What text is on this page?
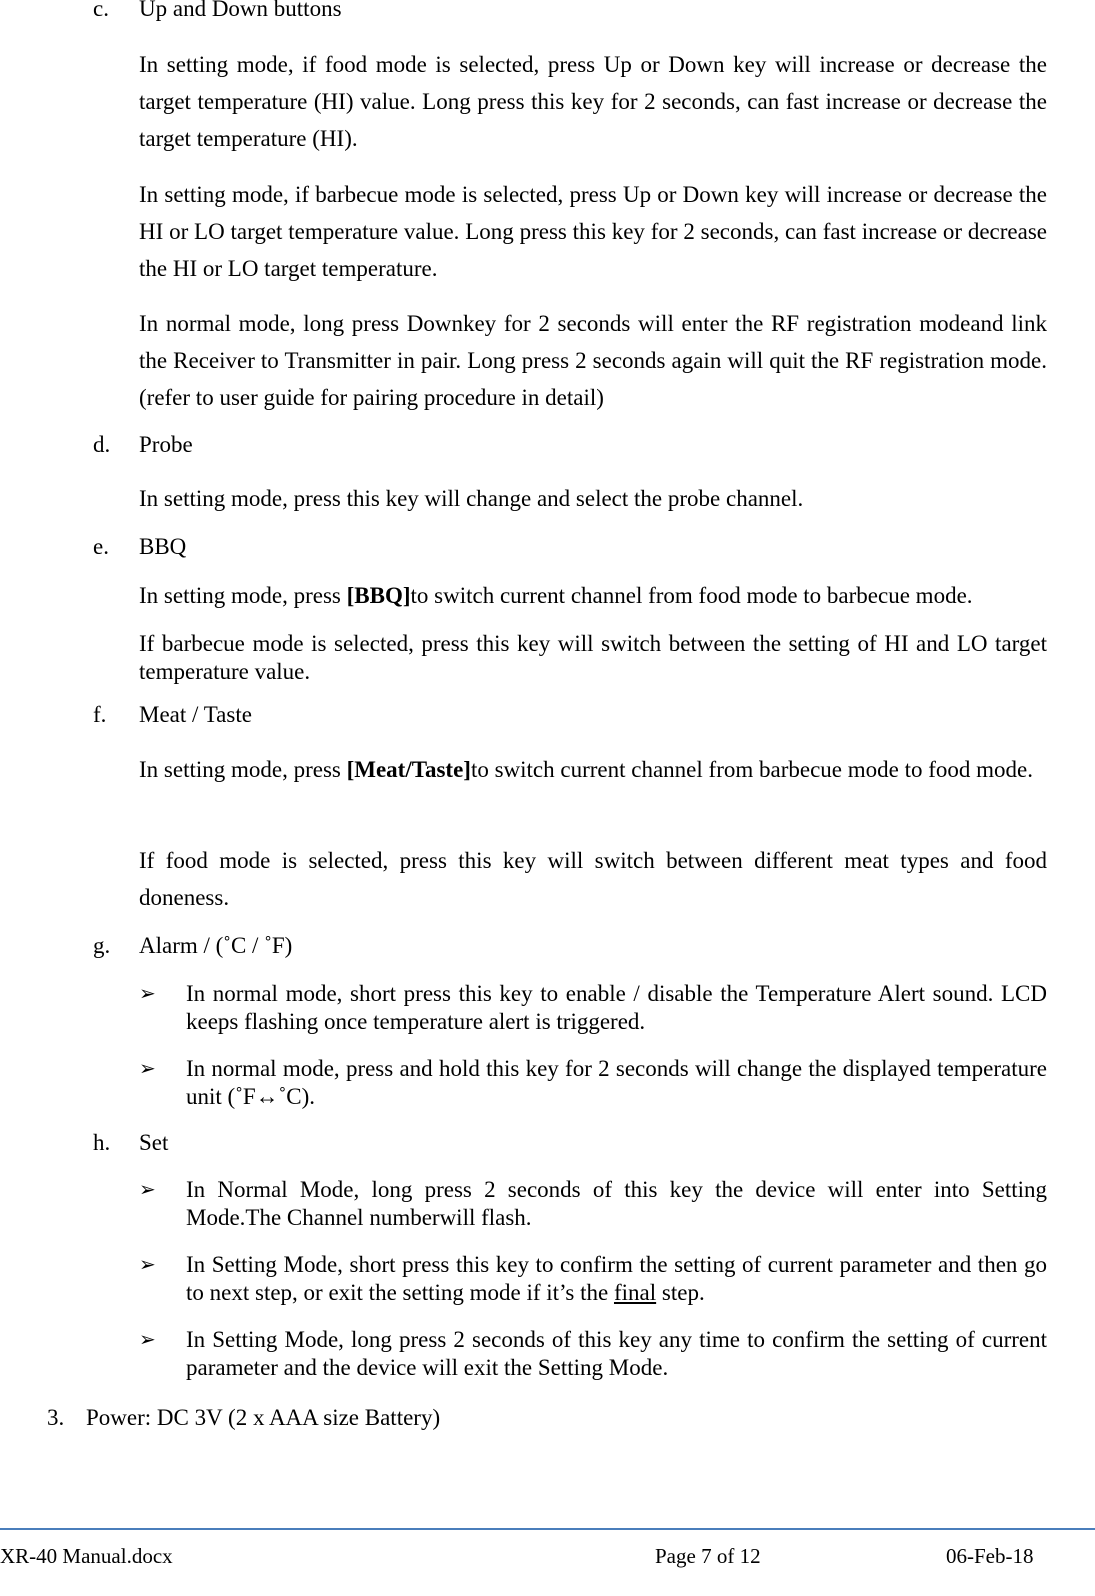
c. Up and Down buttons
In setting mode, if food mode is selected, press Up or Down key will increase or decrease the target temperature (HI) value. Long press this key for 2 seconds, can fast increase or decrease the target temperature (HI).
In setting mode, if barbecue mode is selected, press Up or Down key will increase or decrease the HI or LO target temperature value. Long press this key for 2 seconds, can fast increase or decrease the HI or LO target temperature.
In normal mode, long press Downkey for 2 seconds will enter the RF registration modeand link the Receiver to Transmitter in pair. Long press 2 seconds again will quit the RF registration mode. (refer to user guide for pairing procedure in detail)
d. Probe
In setting mode, press this key will change and select the probe channel.
e. BBQ
In setting mode, press [BBQ]to switch current channel from food mode to barbecue mode.
If barbecue mode is selected, press this key will switch between the setting of HI and LO target temperature value.
f. Meat / Taste
In setting mode, press [Meat/Taste]to switch current channel from barbecue mode to food mode.
If food mode is selected, press this key will switch between different meat types and food doneness.
g. Alarm / (˚C / ˚F)
➢ In normal mode, short press this key to enable / disable the Temperature Alert sound. LCD keeps flashing once temperature alert is triggered.
➢ In normal mode, press and hold this key for 2 seconds will change the displayed temperature unit (˚F↔˚C).
h. Set
➢ In Normal Mode, long press 2 seconds of this key the device will enter into Setting Mode.The Channel numberwill flash.
➢ In Setting Mode, short press this key to confirm the setting of current parameter and then go to next step, or exit the setting mode if it’s the final step.
➢ In Setting Mode, long press 2 seconds of this key any time to confirm the setting of current parameter and the device will exit the Setting Mode.
3. Power: DC 3V (2 x AAA size Battery)
XR-40 Manual.docx	Page 7 of 12	06-Feb-18
